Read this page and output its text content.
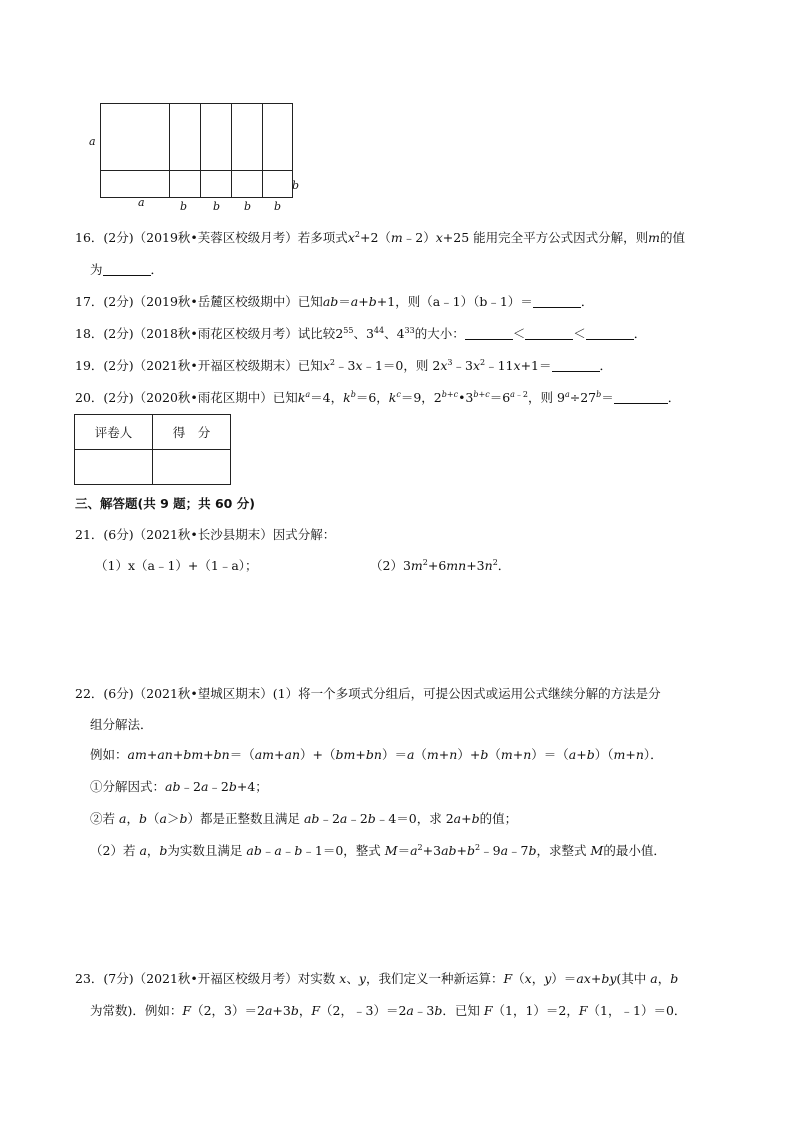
a
a
b
b b b b
16．(2分)（2019秋•芙蓉区校级月考）若多项式$x^2+2(m﹣2)x+25$ 能用完全平方公式因式分解，则m的值
为	．
17．(2分)（2019秋•岳麓区校级期中）已知ab＝a+b+1，则（a﹣1）（b﹣1）＝	．
18．(2分)（2018秋•雨花区校级月考）试比较$2^{55}$、$3^{44}$、$4^{33}$的大小：	＜	＜	．
19．(2分)（2021秋•开福区校级期末）已知$x^2﹣3x﹣1=0$，则 $2x^3﹣3x^2﹣11x+1=$	．
20．(2分)（2020秋•雨花区期中）已知$k^a=4$，$k^b=6$，$k^c=9$，$2^{b+c}•3^{b+c}=6^{a﹣2}$，则 $9^a\div 27^b=$	．
评卷人	得　分

三、解答题(共 9 题；共 60 分)
21．(6分)（2021秋•长沙县期末）因式分解：
（1）x（a﹣1）+（1﹣a）；	$(2)3m^2+6mn+3n^2$．
22．(6分)（2021秋•望城区期末）(1）将一个多项式分组后，可提公因式或运用公式继续分解的方法是分
组分解法．
例如：am+an+bm+bn＝（am+an）+（bm+bn）＝a（m+n）+b（m+n）＝（a+b）（m+n）．
①分解因式：ab﹣2a﹣2b+4；
②若 a，b（a＞b）都是正整数且满足 ab﹣2a﹣2b﹣4＝0，求 2a+b的值；
（2）若 a，b为实数且满足 ab﹣a﹣b﹣1＝0，整式 $M=a^2+3ab+b^2﹣9a﹣7b$，求整式 M的最小值．
23．(7分)（2021秋•开福区校级月考）对实数 x、y，我们定义一种新运算：F（x，y）＝ax+by(其中 a，b
为常数)．例如：F（2，3）＝2a+3b，F（2，﹣3）＝2a﹣3b．已知 F（1，1）＝2，F（1，﹣1）＝0．
